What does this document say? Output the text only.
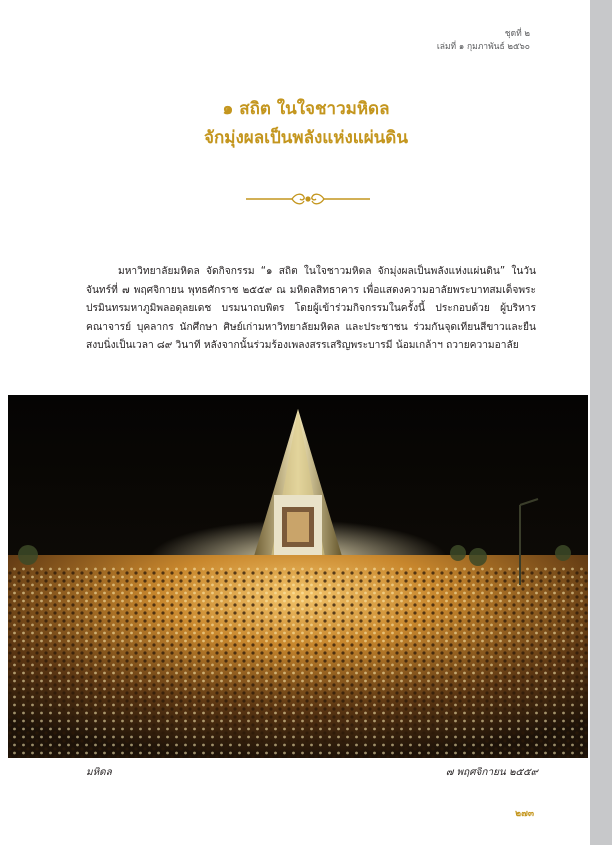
ชุดที่ ๒
เล่มที่ ๑ กุมภาพันธ์ ๒๕๖๐
๑ สถิต ในใจชาวมหิดล
จักมุ่งผลเป็นพลังแห่งแผ่นดิน

มหาวิทยาลัยมหิดล จัดกิจกรรม “๑ สถิต ในใจชาวมหิดล จักมุ่งผลเป็นพลังแห่งแผ่นดิน” ในวันจันทร์ที่ ๗ พฤศจิกายน พุทธศักราช ๒๕๕๙ ณ มหิดลสิทธาคาร เพื่อแสดงความอาลัยพระบาทสมเด็จพระปรมินทรมหาภูมิพลอดุลยเดช บรมนาถบพิตร โดยผู้เข้าร่วมกิจกรรมในครั้งนี้ ประกอบด้วย ผู้บริหาร คณาจารย์ บุคลากร นักศึกษา ศิษย์เก่ามหาวิทยาลัยมหิดล และประชาชน ร่วมกันจุดเทียนสีขาวและยืนสงบนิ่งเป็นเวลา ๘๙ วินาที หลังจากนั้นร่วมร้องเพลงสรรเสริญพระบารมี น้อมเกล้าฯ ถวายความอาลัย

มหิดล	๗ พฤศจิกายน ๒๕๕๙
๒๗๓
